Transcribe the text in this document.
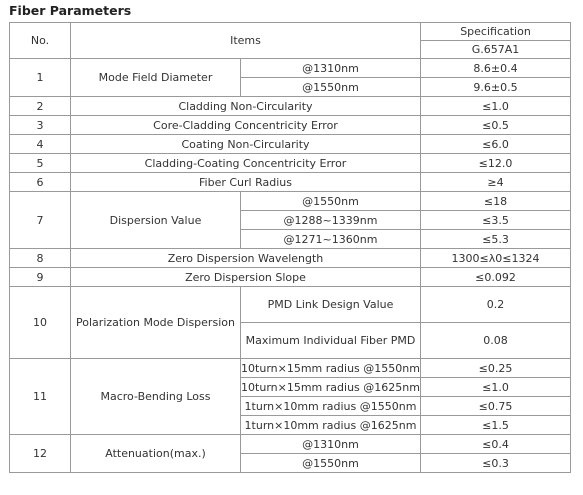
Fiber Parameters
No.	Items		Specification
			G.657A1
1	Mode Field Diameter	@1310nm	8.6±0.4
		@1550nm	9.6±0.5
2	Cladding Non-Circularity		≤1.0
3	Core-Cladding Concentricity Error		≤0.5
4	Coating Non-Circularity		≤6.0
5	Cladding-Coating Concentricity Error		≤12.0
6	Fiber Curl Radius		≥4
7	Dispersion Value	@1550nm	≤18
		@1288~1339nm	≤3.5
		@1271~1360nm	≤5.3
8	Zero Dispersion Wavelength		1300≤λ0≤1324
9	Zero Dispersion Slope		≤0.092
10	Polarization Mode Dispersion	PMD Link Design Value	0.2
		Maximum Individual Fiber PMD	0.08
11	Macro-Bending Loss	10turn×15mm radius @1550nm	≤0.25
		10turn×15mm radius @1625nm	≤1.0
		1turn×10mm radius @1550nm	≤0.75
		1turn×10mm radius @1625nm	≤1.5
12	Attenuation(max.)	@1310nm	≤0.4
		@1550nm	≤0.3
